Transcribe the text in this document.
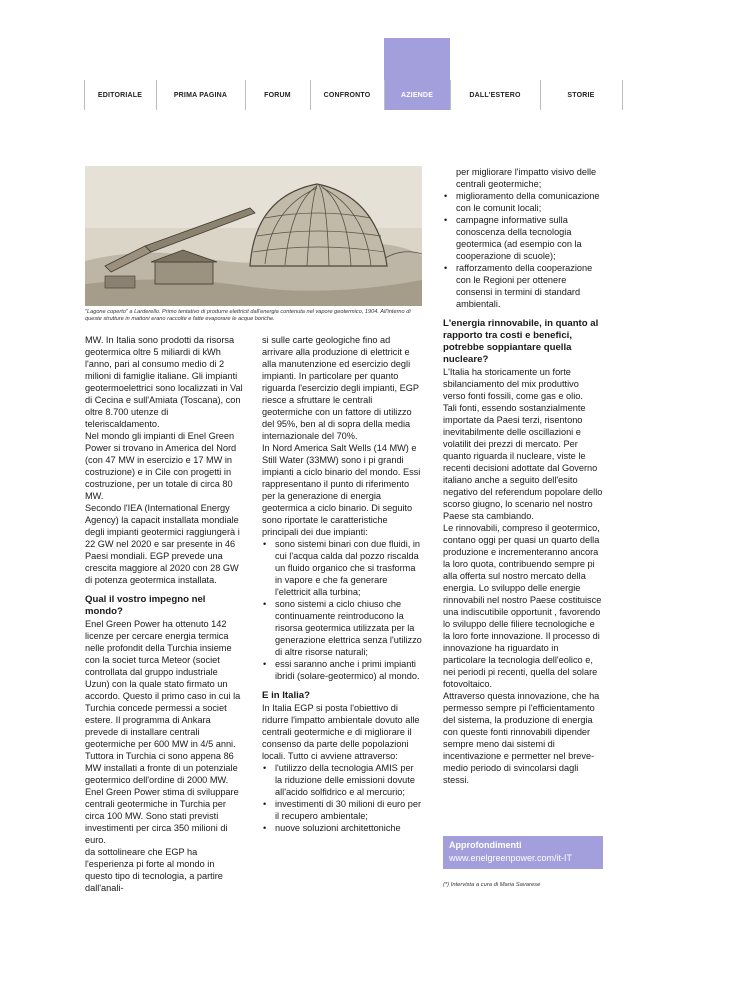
EDITORIALE	PRIMA PAGINA	FORUM	CONFRONTO	AZIENDE	DALL'ESTERO	STORIE
"Lagone coperto" a Larderello. Primo tentativo di produrre elettricit dall'energia contenuta nel vapore geotermico, 1904. All'interno di queste strutture in mattoni erano raccolte e fatte evaporare le acque boriche.

MW. In Italia sono prodotti da risorsa geotermica oltre 5 miliardi di kWh l'anno, pari al consumo medio di 2 milioni di famiglie italiane. Gli impianti geotermoelettrici sono localizzati in Val di Cecina e sull'Amiata (Toscana), con oltre 8.700 utenze di teleriscaldamento.

Nel mondo gli impianti di Enel Green Power si trovano in America del Nord (con 47 MW in esercizio e 17 MW in costruzione) e in Cile con progetti in costruzione, per un totale di circa 80 MW.

Secondo l'IEA (International Energy Agency) la capacit installata mondiale degli impianti geotermici raggiungerà i 22 GW nel 2020 e sar presente in 46 Paesi mondiali. EGP prevede una crescita maggiore al 2020 con 28 GW di potenza geotermica installata.

Qual il vostro impegno nel mondo?

Enel Green Power ha ottenuto 142 licenze per cercare energia termica nelle profondit della Turchia insieme con la societ turca Meteor (societ controllata dal gruppo industriale Uzun) con la quale stato firmato un accordo. Questo il primo caso in cui la Turchia concede permessi a societ estere. Il programma di Ankara prevede di installare centrali geotermiche per 600 MW in 4/5 anni. Tuttora in Turchia ci sono appena 86 MW installati a fronte di un potenziale geotermico dell'ordine di 2000 MW. Enel Green Power stima di sviluppare centrali geotermiche in Turchia per circa 100 MW. Sono stati previsti investimenti per circa 350 milioni di euro.

da sottolineare che EGP ha l'esperienza pi forte al mondo in questo tipo di tecnologia, a partire dall'anali-

si sulle carte geologiche fino ad arrivare alla produzione di elettricit e alla manutenzione ed esercizio degli impianti. In particolare per quanto riguarda l'esercizio degli impianti, EGP riesce a sfruttare le centrali geotermiche con un fattore di utilizzo del 95%, ben al di sopra della media internazionale del 70%.

In Nord America Salt Wells (14 MW) e Still Water (33MW) sono i pi grandi impianti a ciclo binario del mondo. Essi rappresentano il punto di riferimento per la generazione di energia geotermica a ciclo binario. Di seguito sono riportate le caratteristiche principali dei due impianti:

• sono sistemi binari con due fluidi, in cui l'acqua calda dal pozzo riscalda un fluido organico che si trasforma in vapore e che fa generare l'elettricit alla turbina;
• sono sistemi a ciclo chiuso che continuamente reintroducono la risorsa geotermica utilizzata per la generazione elettrica senza l'utilizzo di altre risorse naturali;
• essi saranno anche i primi impianti ibridi (solare-geotermico) al mondo.

E in Italia?

In Italia EGP si posta l'obiettivo di ridurre l'impatto ambientale dovuto alle centrali geotermiche e di migliorare il consenso da parte delle popolazioni locali. Tutto ci avviene attraverso:

• l'utilizzo della tecnologia AMIS per la riduzione delle emissioni dovute all'acido solfidrico e al mercurio;
• investimenti di 30 milioni di euro per il recupero ambientale;
• nuove soluzioni architettoniche

per migliorare l'impatto visivo delle centrali geotermiche;

• miglioramento della comunicazione con le comunit locali;
• campagne informative sulla conoscenza della tecnologia geotermica (ad esempio con la cooperazione di scuole);
• rafforzamento della cooperazione con le Regioni per ottenere consensi in termini di standard ambientali.

L'energia rinnovabile, in quanto al rapporto tra costi e benefici, potrebbe soppiantare quella nucleare?

L'Italia ha storicamente un forte sbilanciamento del mix produttivo verso fonti fossili, come gas e olio.

Tali fonti, essendo sostanzialmente importate da Paesi terzi, risentono inevitabilmente delle oscillazioni e volatilit dei prezzi di mercato. Per quanto riguarda il nucleare, viste le recenti decisioni adottate dal Governo italiano anche a seguito dell'esito negativo del referendum popolare dello scorso giugno, lo scenario nel nostro Paese sta cambiando.

Le rinnovabili, compreso il geotermico, contano oggi per quasi un quarto della produzione e incrementeranno ancora la loro quota, contribuendo sempre pi alla offerta sul nostro mercato della energia. Lo sviluppo delle energie rinnovabili nel nostro Paese costituisce una indiscutibile opportunit , favorendo lo sviluppo delle filiere tecnologiche e la loro forte innovazione. Il processo di innovazione ha riguardato in particolare la tecnologia dell'eolico e, nei periodi pi recenti, quella del solare fotovoltaico.

Attraverso questa innovazione, che ha permesso sempre pi l'efficientamento del sistema, la produzione di energia con queste fonti rinnovabili dipender sempre meno dai sistemi di incentivazione e permetter nel breve-medio periodo di svincolarsi dagli stessi.

Approfondimenti
www.enelgreenpower.com/it-IT
(*) Intervista a cura di Maria Savarese
